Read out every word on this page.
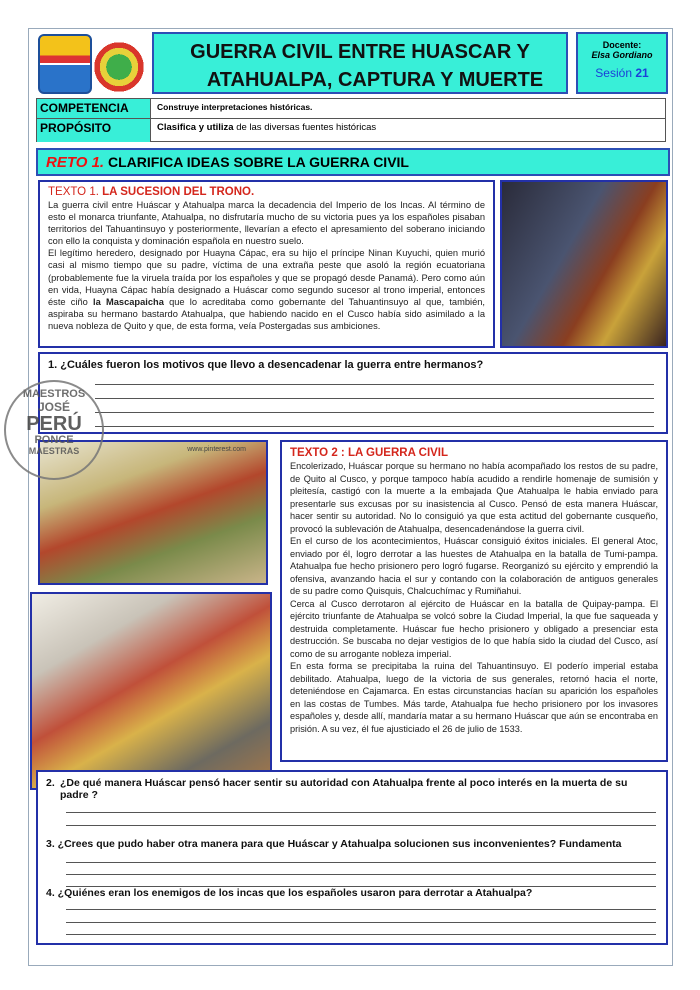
GUERRA CIVIL ENTRE HUASCAR Y
ATAHUALPA, CAPTURA Y MUERTE
Docente:
Elsa Gordiano
Sesión 21
COMPETENCIA	Construye interpretaciones históricas.
PROPÓSITO	Clasifica y utiliza de las diversas fuentes históricas
RETO 1. CLARIFICA IDEAS SOBRE LA GUERRA CIVIL
TEXTO 1. LA SUCESION DEL TRONO.

La guerra civil entre Huáscar y Atahualpa marca la decadencia del Imperio de los Incas. Al término de esto el monarca triunfante, Atahualpa, no disfrutaría mucho de su victoria pues ya los españoles pisaban territorios del Tahuantinsuyo y posteriormente, llevarían a efecto el apresamiento del soberano iniciando con ello la conquista y dominación española en nuestro suelo.

El legítimo heredero, designado por Huayna Cápac, era su hijo el príncipe Ninan Kuyuchi, quien murió casi al mismo tiempo que su padre, víctima de una extraña peste que asoló la región ecuatoriana (probablemente fue la viruela traída por los españoles y que se propagó desde Panamá). Pero como aún en vida, Huayna Cápac había designado a Huáscar como segundo sucesor al trono imperial, entonces éste ciño la Mascapaicha que lo acreditaba como gobernante del Tahuantinsuyo al que, también, aspiraba su hermano bastardo Atahualpa, que habiendo nacido en el Cusco había sido asimilado a la nueva nobleza de Quito y que, de esta forma, veía Postergadas sus ambiciones.

1. ¿Cuáles fueron los motivos que llevo a desencadenar la guerra entre hermanos?
www.pinterest.com	TEXTO 2 : LA GUERRA CIVIL

Encolerizado, Huáscar porque su hermano no había acompañado los restos de su padre, de Quito al Cusco, y porque tampoco había acudido a rendirle homenaje de sumisión y pleitesía, castigó con la muerte a la embajada Que Atahualpa le habia enviado para presentarle sus excusas por su inasistencia al Cusco. Pensó de esta manera Huáscar, hacer sentir su autoridad. No lo consiguió ya que esta actitud del gobernante cusqueño, provocó la sublevación de Atahualpa, desencadenándose la guerra civil.

En el curso de los acontecimientos, Huáscar consiguió éxitos iniciales. El general Atoc, enviado por él, logro derrotar a las huestes de Atahualpa en la batalla de Tumi-pampa. Atahualpa fue hecho prisionero pero logró fugarse. Reorganizó su ejército y emprendió la ofensiva, avanzando hacia el sur y contando con la colaboración de antiguos generales de su padre como Quisquis, Chalcuchímac y Rumiñahui.

Cerca al Cusco derrotaron al ejército de Huáscar en la batalla de Quipay-pampa. El ejército triunfante de Atahualpa se volcó sobre la Ciudad Imperial, la que fue saqueada y destruida completamente. Huáscar fue hecho prisionero y obligado a presenciar esta destrucción. Se buscaba no dejar vestigios de lo que había sido la ciudad del Cusco, así como de su arrogante nobleza imperial.

En esta forma se precipitaba la ruina del Tahuantinsuyo. El poderío imperial estaba debilitado. Atahualpa, luego de la victoria de sus generales, retornó hacia el norte, deteniéndose en Cajamarca. En estas circunstancias hacían su aparición los españoles en las costas de Tumbes. Más tarde, Atahualpa fue hecho prisionero por los invasores españoles y, desde allí, mandaría matar a su hermano Huáscar que aún se encontraba en prisión. A su vez, él fue ajusticiado el 26 de julio de 1533.

MAESTROS
JOSÉ
PERÚ
PONCE
MAESTRAS
2. ¿De qué manera Huáscar pensó hacer sentir su autoridad con Atahualpa frente al poco interés en la muerta de su padre ?
3. ¿Crees que pudo haber otra manera para que Huáscar y Atahualpa solucionen sus inconvenientes? Fundamenta
4. ¿Quiénes eran los enemigos de los incas que los españoles usaron para derrotar a Atahualpa?
